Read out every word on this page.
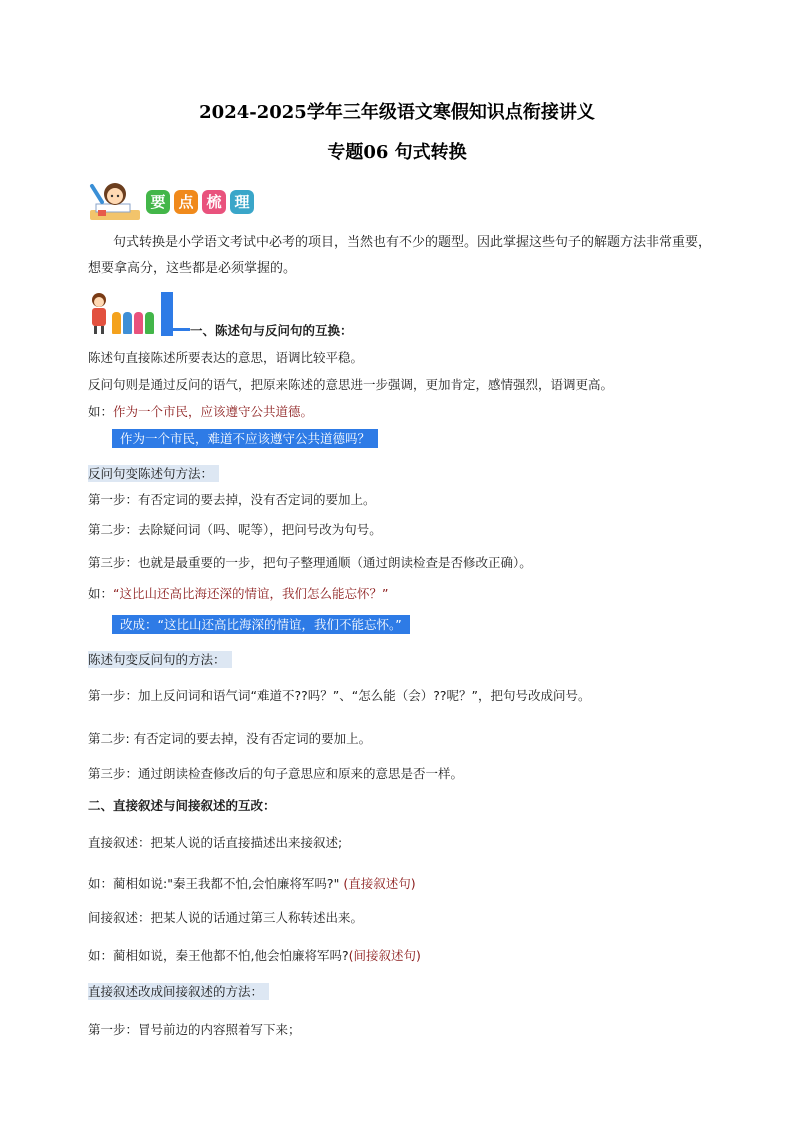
2024-2025学年三年级语文寒假知识点衔接讲义
专题06 句式转换
要 点 梳 理
句式转换是小学语文考试中必考的项目，当然也有不少的题型。因此掌握这些句子的解题方法非常重要，想要拿高分，这些都是必须掌握的。
一、陈述句与反问句的互换：
陈述句直接陈述所要表达的意思，语调比较平稳。
反问句则是通过反问的语气，把原来陈述的意思进一步强调，更加肯定，感情强烈，语调更高。
如：作为一个市民，应该遵守公共道德。
作为一个市民，难道不应该遵守公共道德吗？
反问句变陈述句方法：
第一步：有否定词的要去掉，没有否定词的要加上。
第二步：去除疑问词（吗、呢等），把问号改为句号。
第三步：也就是最重要的一步，把句子整理通顺（通过朗读检查是否修改正确）。
如：“这比山还高比海还深的情谊，我们怎么能忘怀？”
改成：“这比山还高比海深的情谊，我们不能忘怀。”
陈述句变反问句的方法：
第一步：加上反问词和语气词“难道不??吗？”、“怎么能（会）??呢？”，把句号改成问号。
第二步: 有否定词的要去掉，没有否定词的要加上。
第三步：通过朗读检查修改后的句子意思应和原来的意思是否一样。
二、直接叙述与间接叙述的互改：
直接叙述：把某人说的话直接描述出来接叙述;
如：蔺相如说:"秦王我都不怕,会怕廉将军吗?" (直接叙述句)
间接叙述：把某人说的话通过第三人称转述出来。
如：蔺相如说，秦王他都不怕,他会怕廉将军吗?(间接叙述句)
直接叙述改成间接叙述的方法：
第一步：冒号前边的内容照着写下来；
